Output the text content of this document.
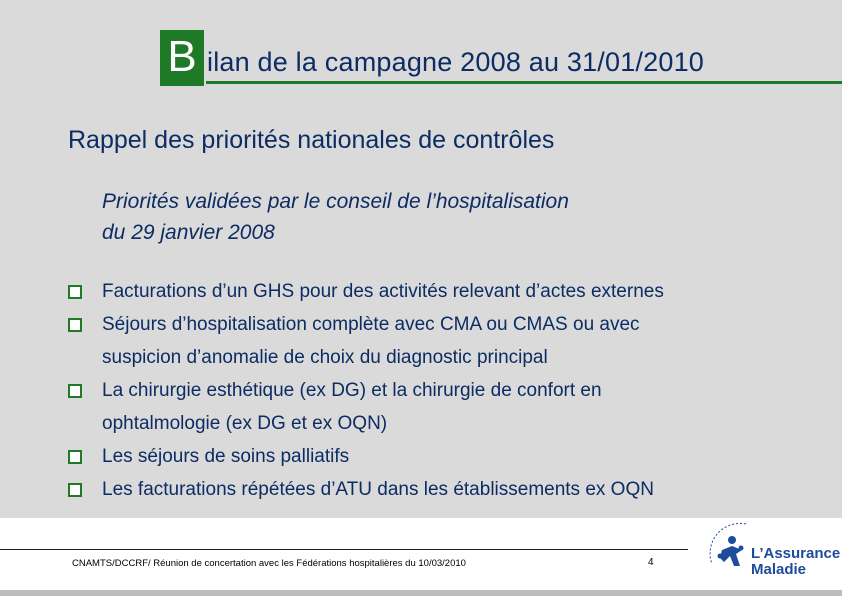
B ilan de la campagne 2008 au 31/01/2010
Rappel des priorités nationales de contrôles
Priorités validées par le conseil de l’hospitalisation
du 29 janvier 2008
Facturations d’un GHS pour des activités relevant d’actes externes
Séjours d’hospitalisation complète avec CMA ou CMAS ou avec
suspicion d’anomalie de choix du diagnostic principal
La chirurgie esthétique (ex DG) et la chirurgie de confort en
ophtalmologie (ex DG et ex OQN)
Les séjours de soins palliatifs
Les facturations répétées d’ATU dans les établissements ex OQN
CNAMTS/DCCRF/ Réunion de concertation avec les Fédérations hospitalières du 10/03/2010	4
L’Assurance
Maladie
